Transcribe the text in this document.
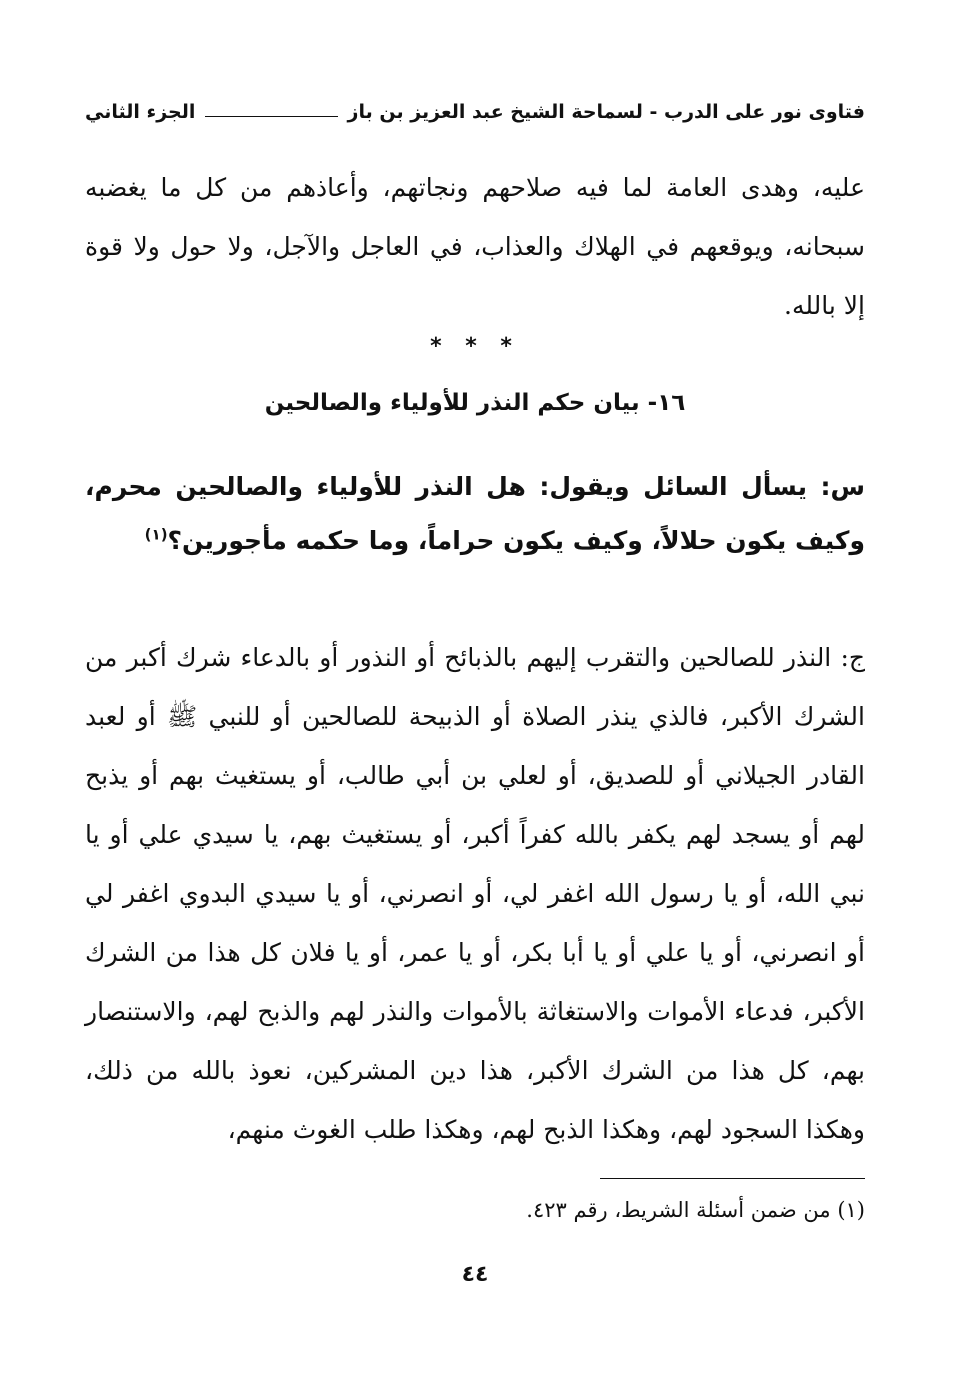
فتاوى نور على الدرب - لسماحة الشيخ عبد العزيز بن باز
الجزء الثاني

عليه، وهدى العامة لما فيه صلاحهم ونجاتهم، وأعاذهم من كل ما يغضبه سبحانه، ويوقعهم في الهلاك والعذاب، في العاجل والآجل، ولا حول ولا قوة إلا بالله.

* * *
١٦- بيان حكم النذر للأولياء والصالحين
س: يسأل السائل ويقول: هل النذر للأولياء والصالحين محرم، وكيف يكون حلالاً، وكيف يكون حراماً، وما حكمه مأجورين؟$^{(١)}$

ج: النذر للصالحين والتقرب إليهم بالذبائح أو النذور أو بالدعاء شرك أكبر من الشرك الأكبر، فالذي ينذر الصلاة أو الذبيحة للصالحين أو للنبي ﷺ أو لعبد القادر الجيلاني أو للصديق، أو لعلي بن أبي طالب، أو يستغيث بهم أو يذبح لهم أو يسجد لهم يكفر بالله كفراً أكبر، أو يستغيث بهم، يا سيدي علي أو يا نبي الله، أو يا رسول الله اغفر لي، أو انصرني، أو يا سيدي البدوي اغفر لي أو انصرني، أو يا علي أو يا أبا بكر، أو يا عمر، أو يا فلان كل هذا من الشرك الأكبر، فدعاء الأموات والاستغاثة بالأموات والنذر لهم والذبح لهم، والاستنصار بهم، كل هذا من الشرك الأكبر، هذا دين المشركين، نعوذ بالله من ذلك، وهكذا السجود لهم، وهكذا الذبح لهم، وهكذا طلب الغوث منهم،

(١) من ضمن أسئلة الشريط، رقم ٤٢٣.
٤٤
